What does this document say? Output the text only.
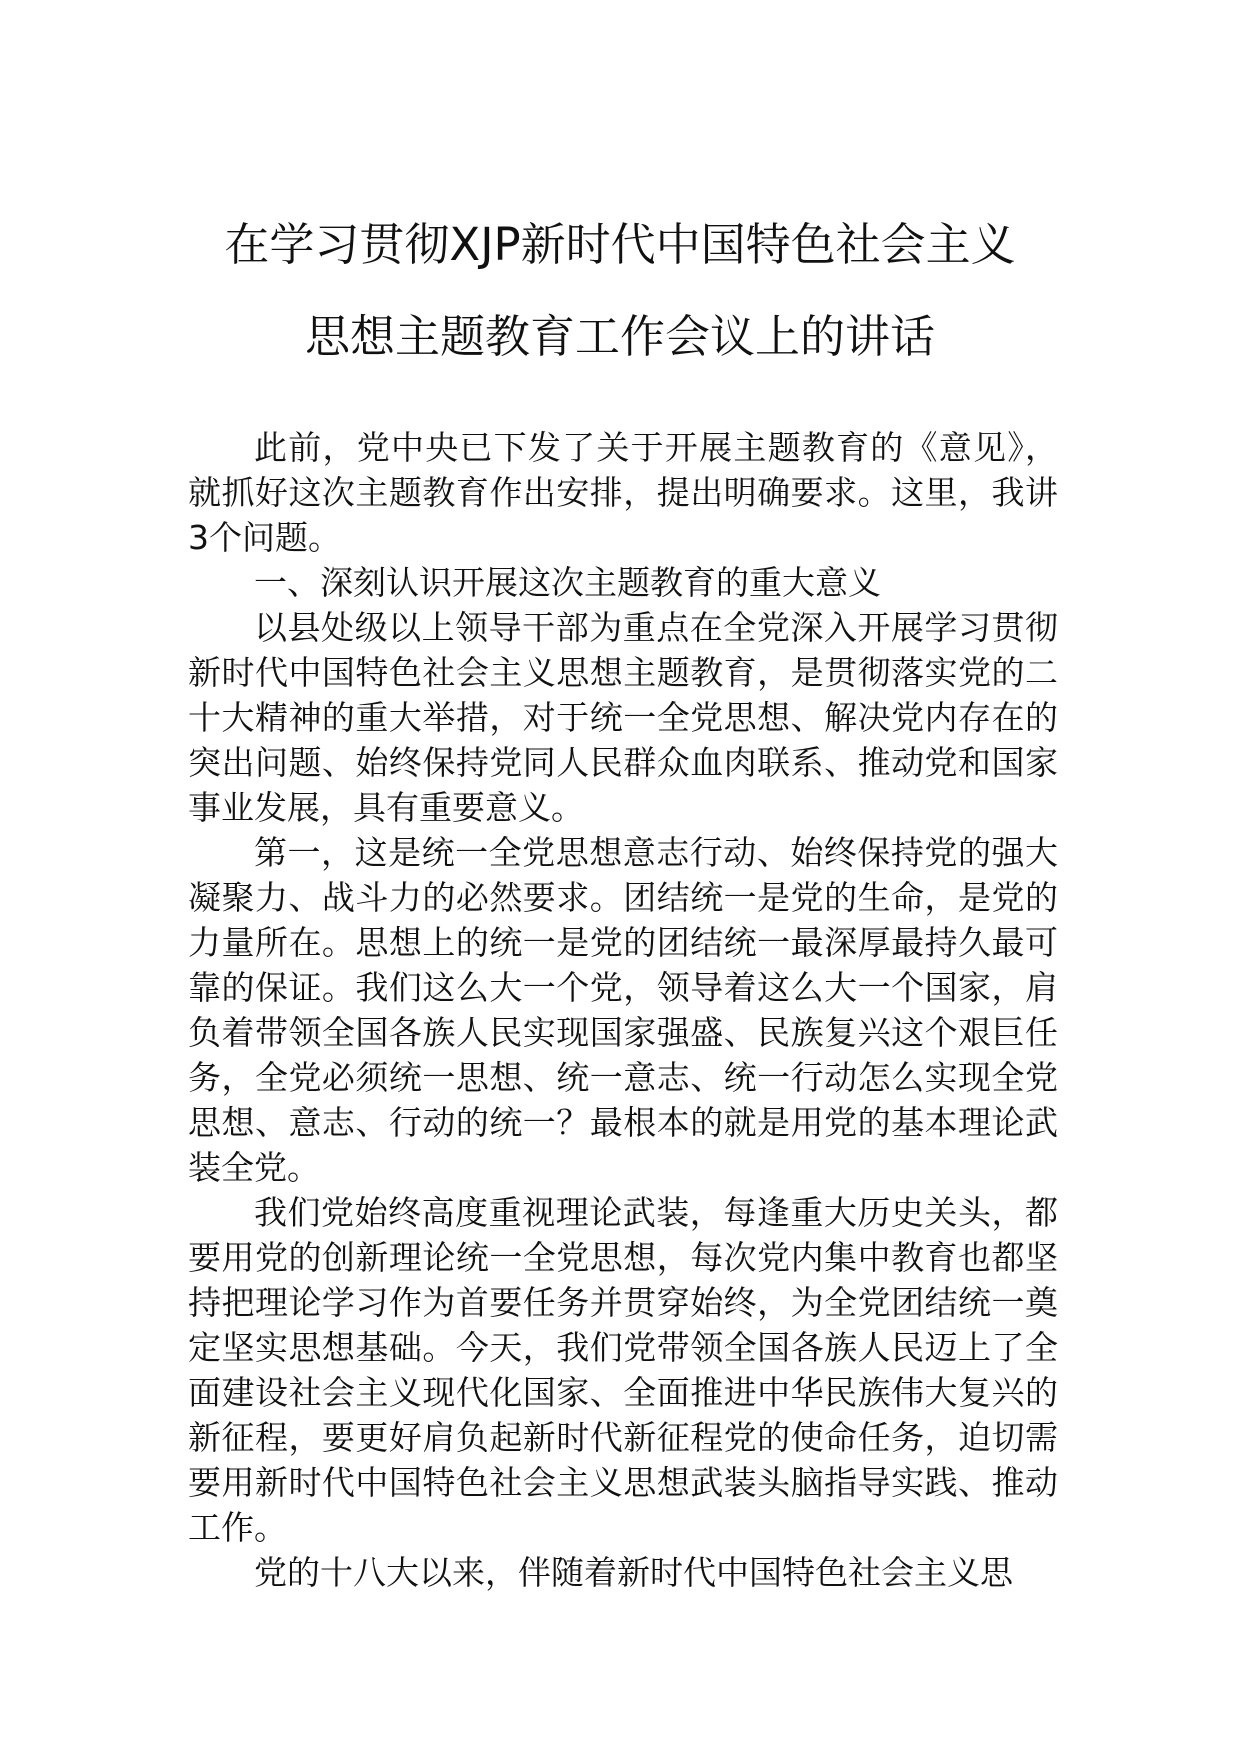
在学习贯彻XJP新时代中国特色社会主义
思想主题教育工作会议上的讲话

此前，党中央已下发了关于开展主题教育的《意见》，就抓好这次主题教育作出安排，提出明确要求。这里，我讲3个问题。

一、深刻认识开展这次主题教育的重大意义

以县处级以上领导干部为重点在全党深入开展学习贯彻新时代中国特色社会主义思想主题教育，是贯彻落实党的二十大精神的重大举措，对于统一全党思想、解决党内存在的突出问题、始终保持党同人民群众血肉联系、推动党和国家事业发展，具有重要意义。

第一，这是统一全党思想意志行动、始终保持党的强大凝聚力、战斗力的必然要求。团结统一是党的生命，是党的力量所在。思想上的统一是党的团结统一最深厚最持久最可靠的保证。我们这么大一个党，领导着这么大一个国家，肩负着带领全国各族人民实现国家强盛、民族复兴这个艰巨任务，全党必须统一思想、统一意志、统一行动怎么实现全党思想、意志、行动的统一？最根本的就是用党的基本理论武装全党。

我们党始终高度重视理论武装，每逢重大历史关头，都要用党的创新理论统一全党思想，每次党内集中教育也都坚持把理论学习作为首要任务并贯穿始终，为全党团结统一奠定坚实思想基础。今天，我们党带领全国各族人民迈上了全面建设社会主义现代化国家、全面推进中华民族伟大复兴的新征程，要更好肩负起新时代新征程党的使命任务，迫切需要用新时代中国特色社会主义思想武装头脑指导实践、推动工作。

党的十八大以来，伴随着新时代中国特色社会主义思
